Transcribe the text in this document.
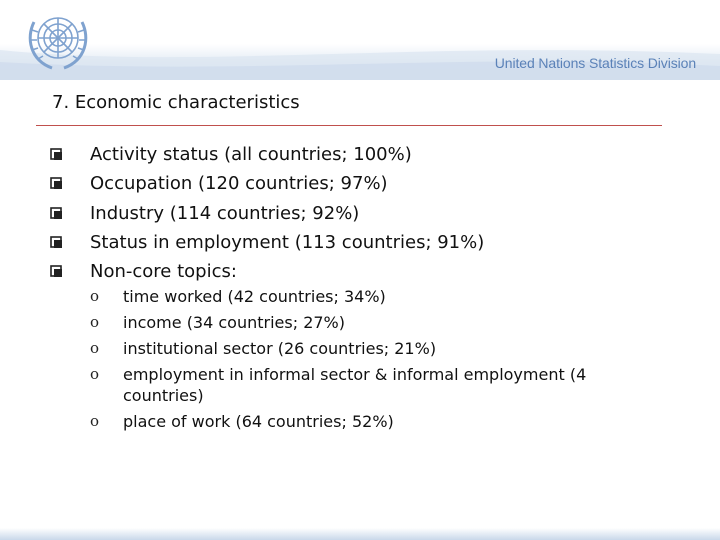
United Nations Statistics Division
7. Economic characteristics
Activity status (all countries; 100%)
Occupation (120 countries; 97%)
Industry (114 countries; 92%)
Status in employment (113 countries; 91%)
Non-core topics:
o time worked (42 countries; 34%)
o income (34 countries; 27%)
o institutional sector (26 countries; 21%)
o employment in informal sector & informal employment (4 countries)
o place of work (64 countries; 52%)
